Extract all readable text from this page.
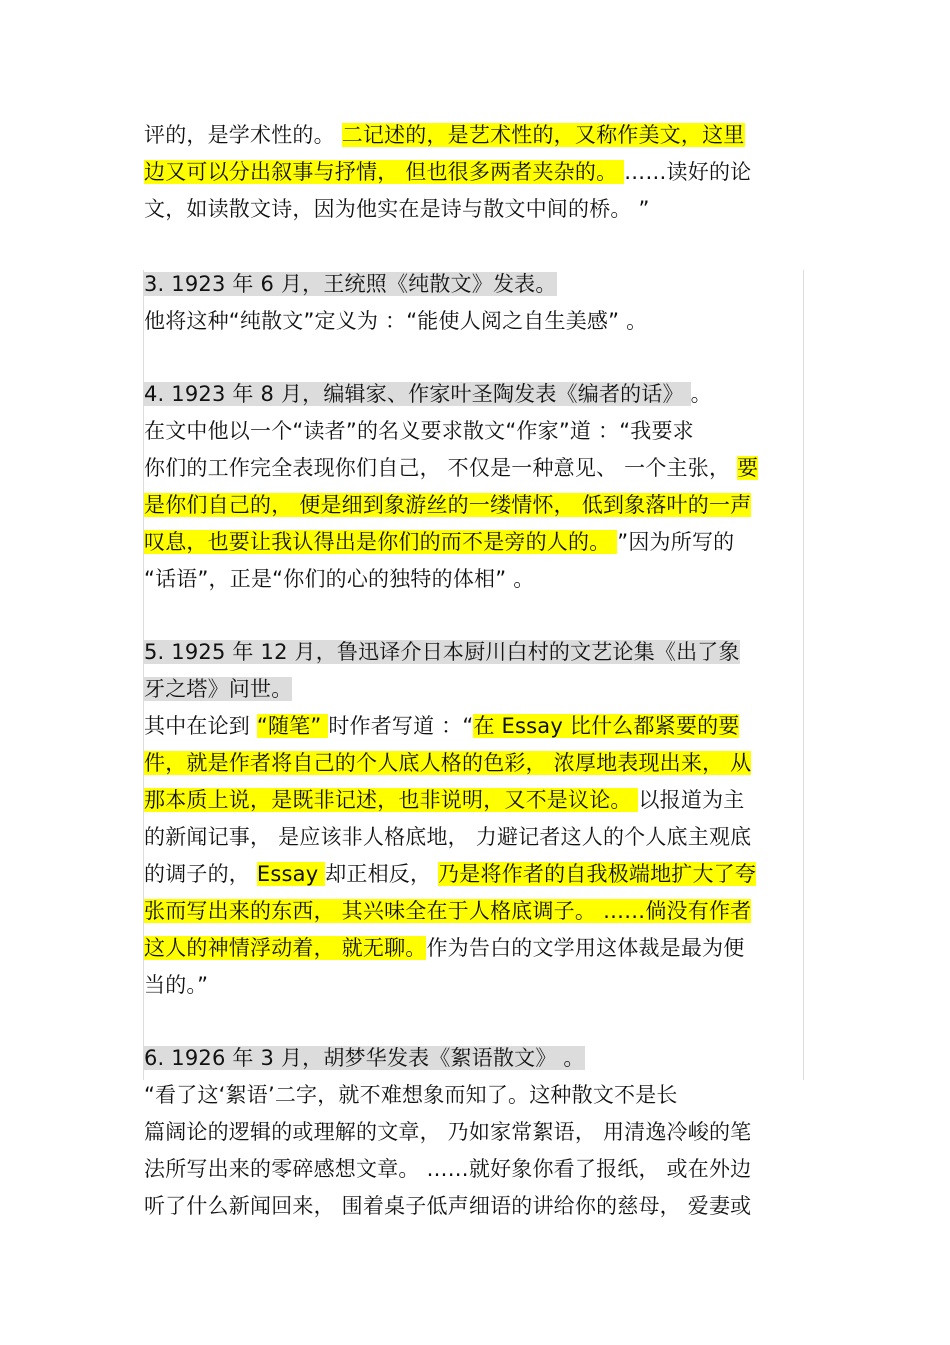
评的，是学术性的。 二记述的，是艺术性的，又称作美文，这里
边又可以分出叙事与抒情， 但也很多两者夹杂的。 ……读好的论
文，如读散文诗，因为他实在是诗与散文中间的桥。 ”
3. 1923 年 6 月，王统照《纯散文》发表。
他将这种“纯散文”定义为 ：“能使人阅之自生美感” 。
4. 1923 年 8 月，编辑家、作家叶圣陶发表《编者的话》 。
在文中他以一个“读者”的名义要求散文“作家”道 ：“我要求
你们的工作完全表现你们自己， 不仅是一种意见、 一个主张， 要
是你们自己的， 便是细到象游丝的一缕情怀， 低到象落叶的一声
叹息，也要让我认得出是你们的而不是旁的人的。 ”因为所写的
“话语”，正是“你们的心的独特的体相” 。
5. 1925 年 12 月，鲁迅译介日本厨川白村的文艺论集《出了象
牙之塔》问世。
其中在论到 “随笔” 时作者写道 ：“在 Essay 比什么都紧要的要
件，就是作者将自己的个人底人格的色彩， 浓厚地表现出来， 从
那本质上说，是既非记述，也非说明，又不是议论。 以报道为主
的新闻记事， 是应该非人格底地， 力避记者这人的个人底主观底
的调子的， Essay 却正相反， 乃是将作者的自我极端地扩大了夸
张而写出来的东西， 其兴味全在于人格底调子。 ……倘没有作者
这人的神情浮动着， 就无聊。作为告白的文学用这体裁是最为便
当的。”
6. 1926 年 3 月，胡梦华发表《絮语散文》 。
“看了这‘絮语’二字，就不难想象而知了。这种散文不是长
篇阔论的逻辑的或理解的文章， 乃如家常絮语， 用清逸冷峻的笔
法所写出来的零碎感想文章。 ……就好象你看了报纸， 或在外边
听了什么新闻回来， 围着桌子低声细语的讲给你的慈母， 爱妻或
